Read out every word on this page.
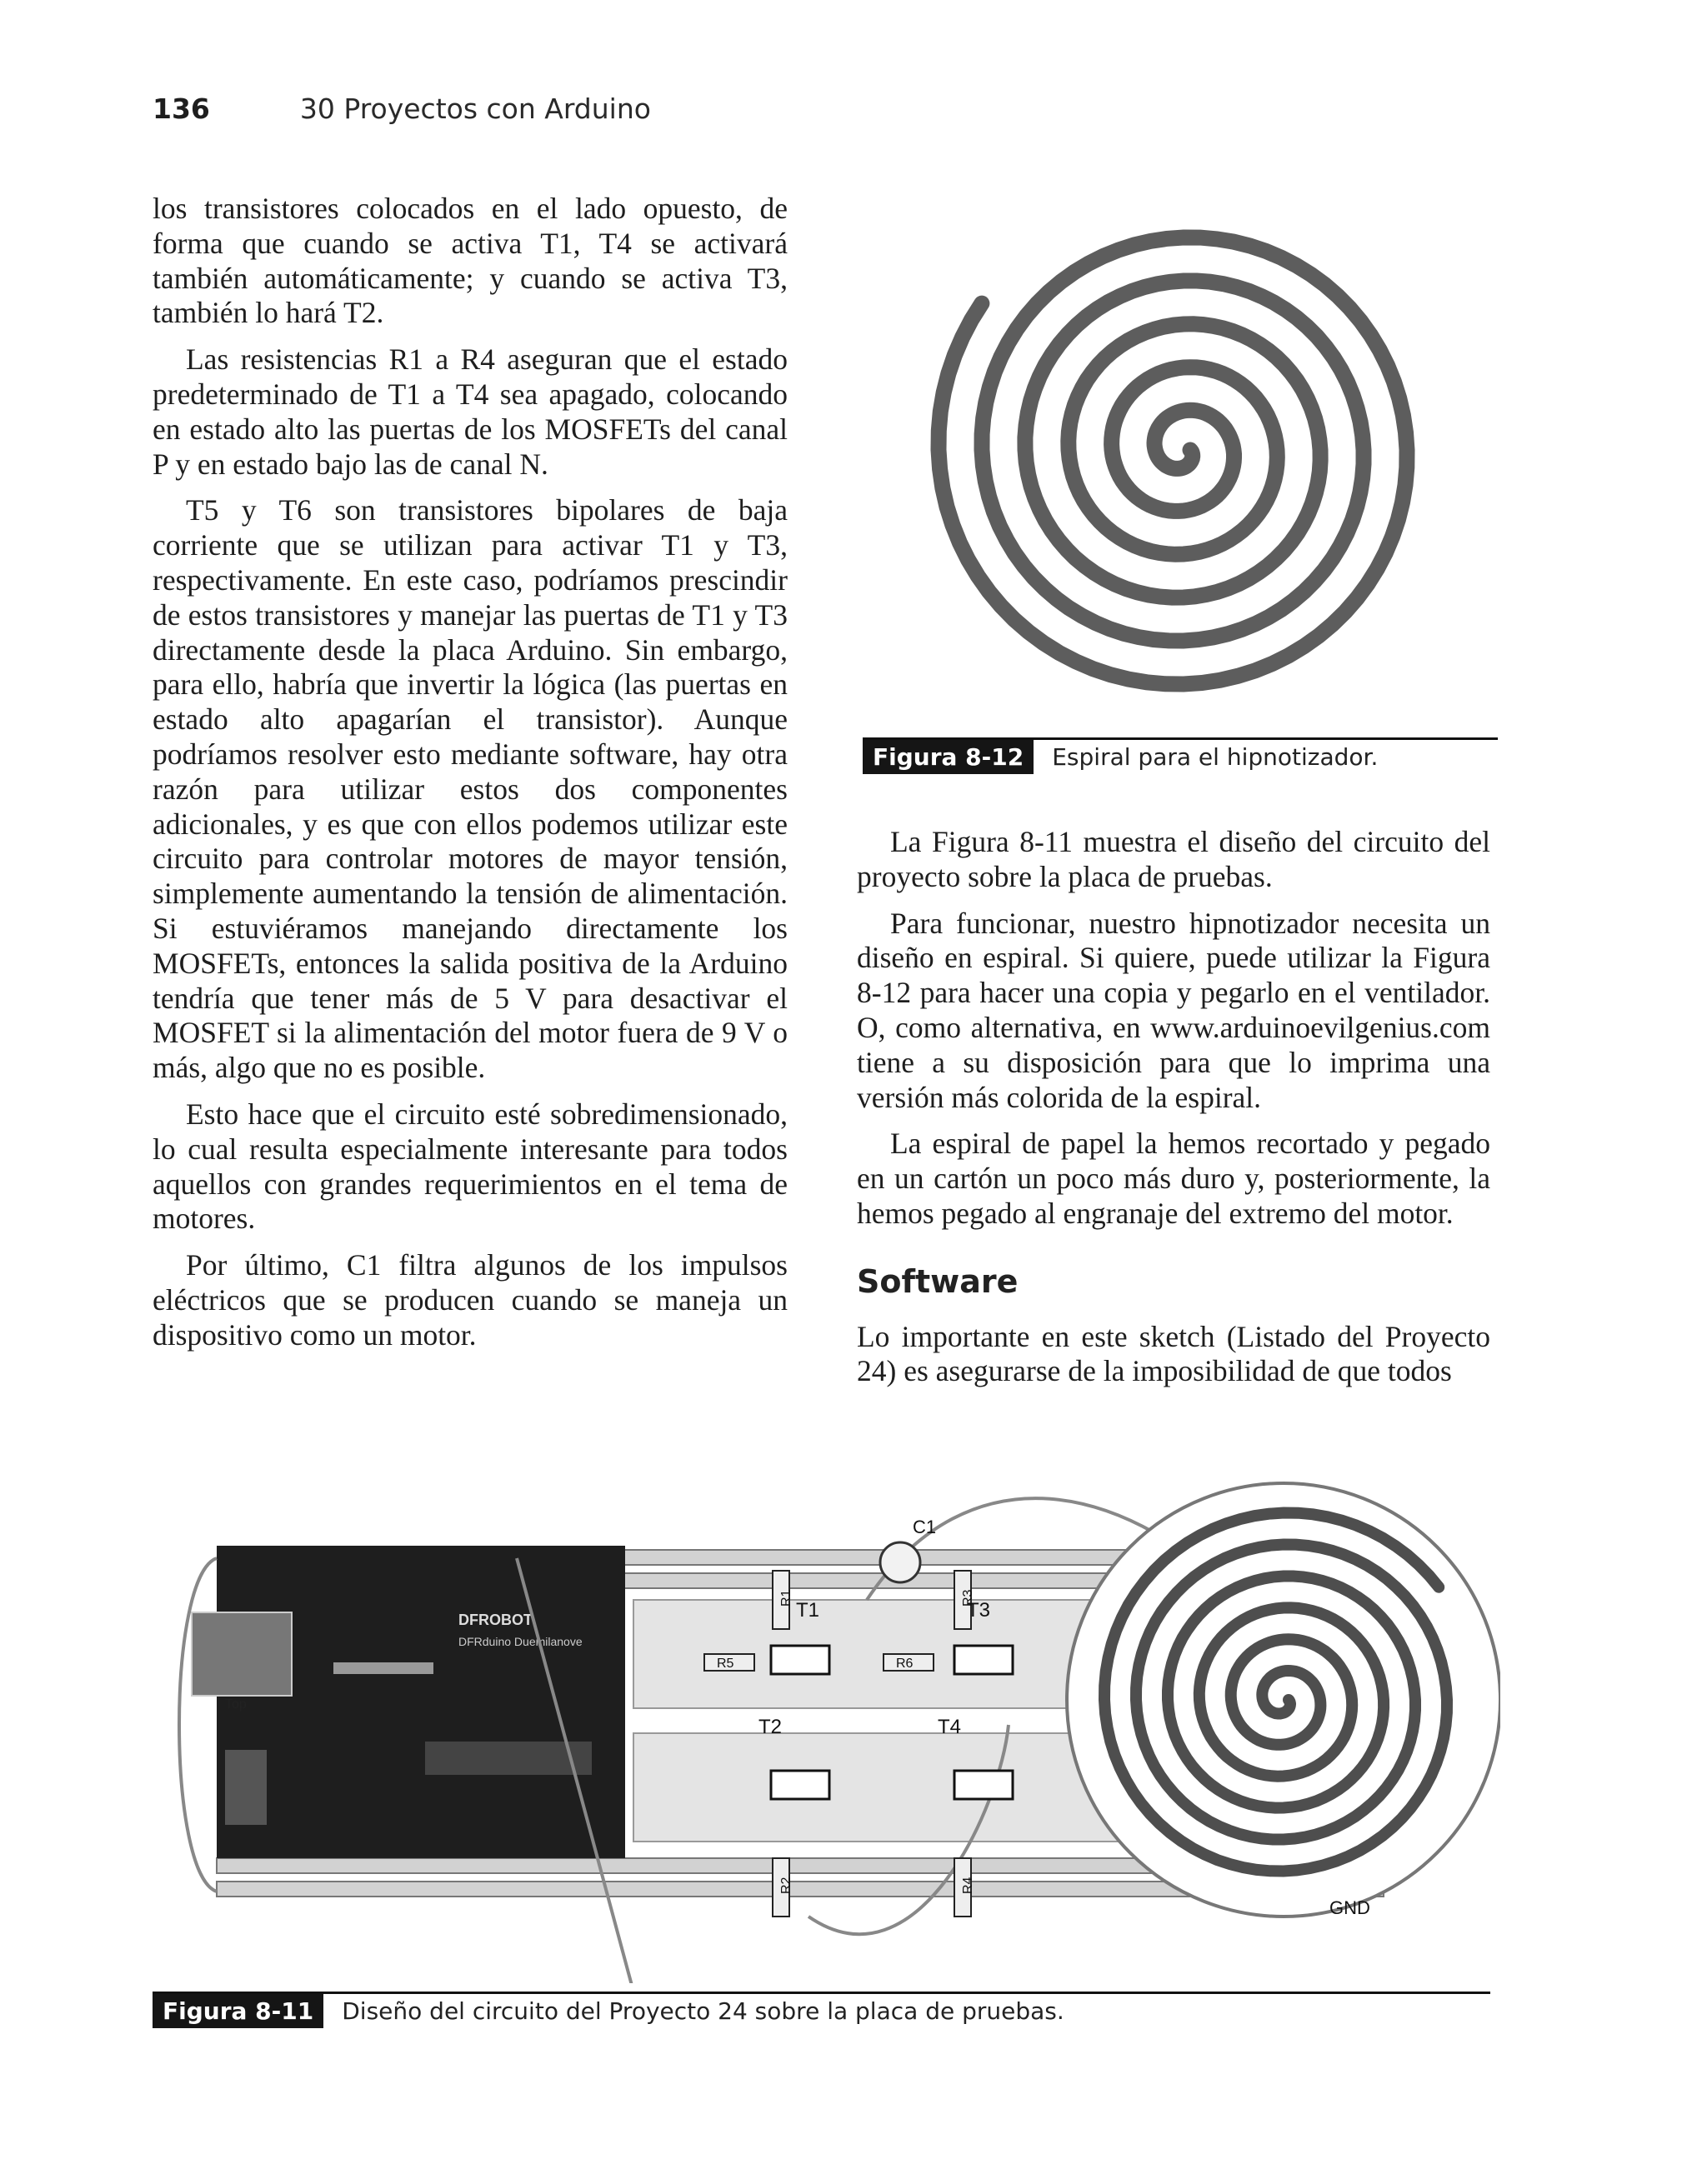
136	30 Proyectos con Arduino

los transistores colocados en el lado opuesto, de forma que cuando se activa T1, T4 se activará también automáticamente; y cuando se activa T3, también lo hará T2.

Las resistencias R1 a R4 aseguran que el estado predeterminado de T1 a T4 sea apagado, colocando en estado alto las puertas de los MOSFETs del canal P y en estado bajo las de canal N.

T5 y T6 son transistores bipolares de baja corriente que se utilizan para activar T1 y T3, respectivamente. En este caso, podríamos prescindir de estos transistores y manejar las puertas de T1 y T3 directamente desde la placa Arduino. Sin embargo, para ello, habría que invertir la lógica (las puertas en estado alto apagarían el transistor). Aunque podríamos resolver esto mediante software, hay otra razón para utilizar estos dos componentes adicionales, y es que con ellos podemos utilizar este circuito para controlar motores de mayor tensión, simplemente aumentando la tensión de alimentación. Si estuviéramos manejando directamente los MOSFETs, entonces la salida positiva de la Arduino tendría que tener más de 5 V para desactivar el MOSFET si la alimentación del motor fuera de 9 V o más, algo que no es posible.

Esto hace que el circuito esté sobredimensionado, lo cual resulta especialmente interesante para todos aquellos con grandes requerimientos en el tema de motores.

Por último, C1 filtra algunos de los impulsos eléctricos que se producen cuando se maneja un dispositivo como un motor.

Figura 8-12	Espiral para el hipnotizador.

La Figura 8-11 muestra el diseño del circuito del proyecto sobre la placa de pruebas.

Para funcionar, nuestro hipnotizador necesita un diseño en espiral. Si quiere, puede utilizar la Figura 8-12 para hacer una copia y pegarlo en el ventilador. O, como alternativa, en www.arduinoevilgenius.com tiene a su disposición para que lo imprima una versión más colorida de la espiral.

La espiral de papel la hemos recortado y pegado en un cartón un poco más duro y, posteriormente, la hemos pegado al engranaje del extremo del motor.

Software

Lo importante en este sketch (Listado del Proyecto 24) es asegurarse de la imposibilidad de que todos

DFROBOT
DFRduino Duemilanove
Top
C1
R1
R2
R3
R4
R5	R6
T1
T2
T3
T4
GND
Figura 8-11	Diseño del circuito del Proyecto 24 sobre la placa de pruebas.
